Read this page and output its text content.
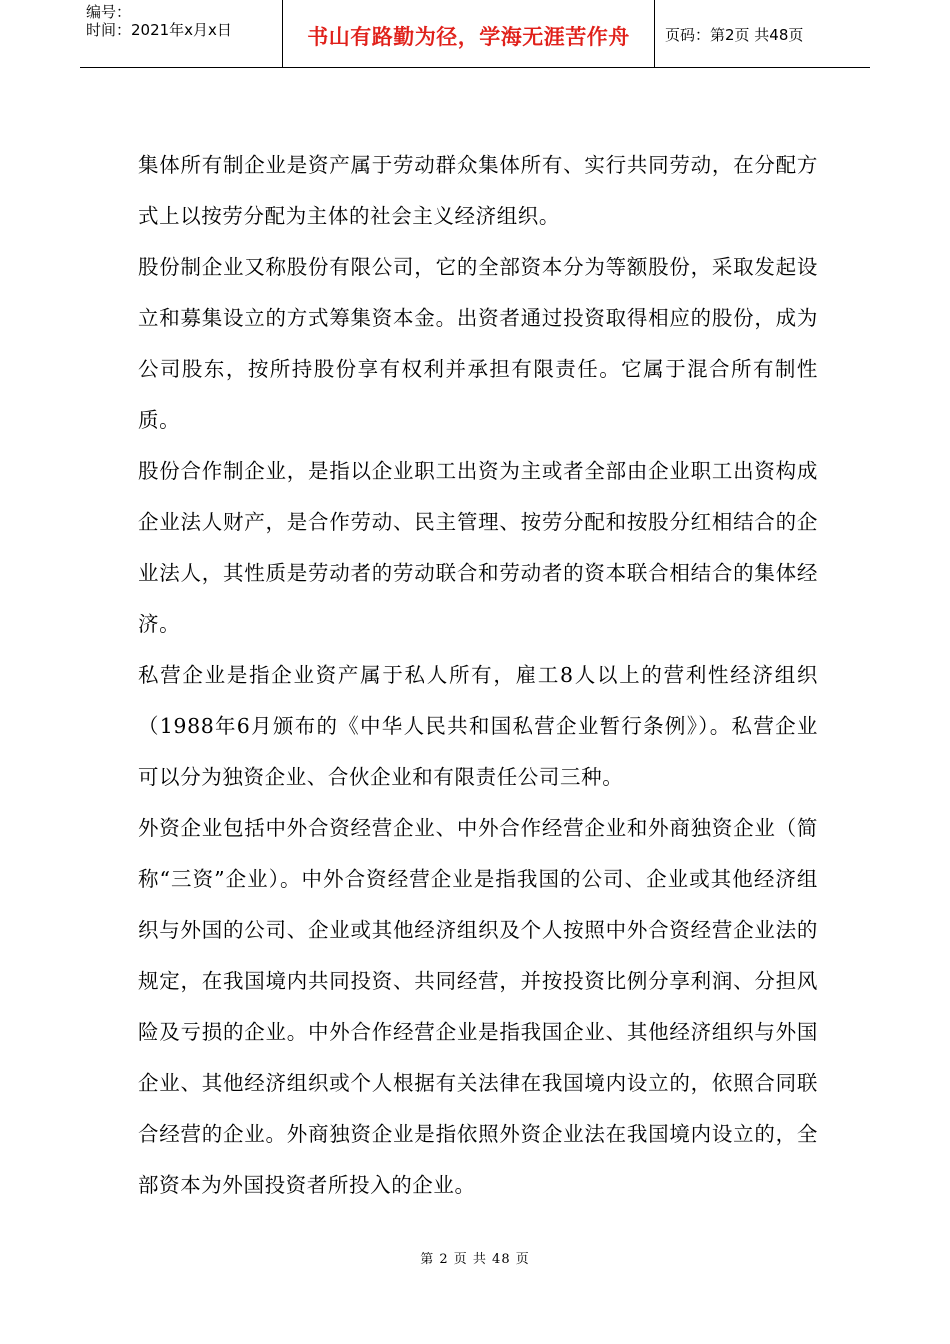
编号：
时间：2021年x月x日	书山有路勤为径，学海无涯苦作舟 页码：第2页 共48页

集体所有制企业是资产属于劳动群众集体所有、实行共同劳动，在分配方式上以按劳分配为主体的社会主义经济组织。

股份制企业又称股份有限公司，它的全部资本分为等额股份，采取发起设立和募集设立的方式筹集资本金。出资者通过投资取得相应的股份，成为公司股东，按所持股份享有权利并承担有限责任。它属于混合所有制性质。

股份合作制企业，是指以企业职工出资为主或者全部由企业职工出资构成企业法人财产，是合作劳动、民主管理、按劳分配和按股分红相结合的企业法人，其性质是劳动者的劳动联合和劳动者的资本联合相结合的集体经济。

私营企业是指企业资产属于私人所有，雇工8人以上的营利性经济组织（1988年6月颁布的《中华人民共和国私营企业暂行条例》）。私营企业可以分为独资企业、合伙企业和有限责任公司三种。

外资企业包括中外合资经营企业、中外合作经营企业和外商独资企业（简称“三资”企业）。中外合资经营企业是指我国的公司、企业或其他经济组织与外国的公司、企业或其他经济组织及个人按照中外合资经营企业法的规定，在我国境内共同投资、共同经营，并按投资比例分享利润、分担风险及亏损的企业。中外合作经营企业是指我国企业、其他经济组织与外国企业、其他经济组织或个人根据有关法律在我国境内设立的，依照合同联合经营的企业。外商独资企业是指依照外资企业法在我国境内设立的，全部资本为外国投资者所投入的企业。

第 2 页 共 48 页
